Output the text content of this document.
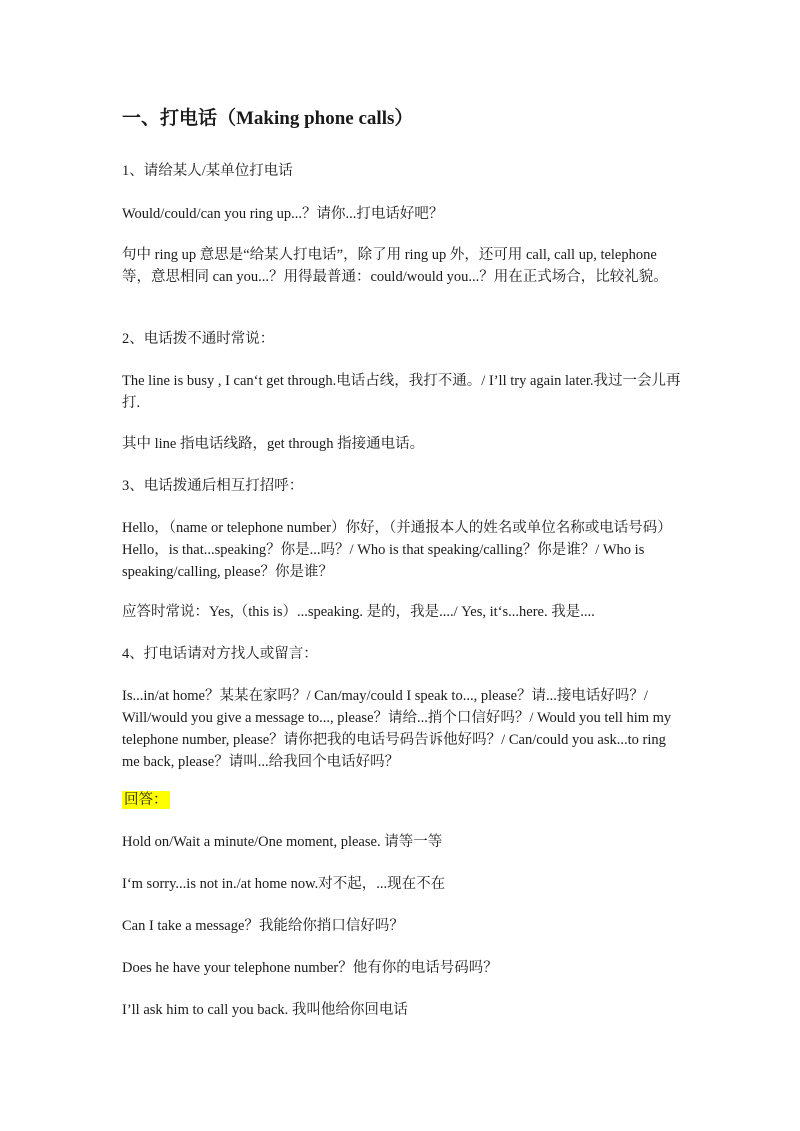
一、打电话（Making phone calls）
1、请给某人/某单位打电话
Would/could/can you ring up...？请你...打电话好吧？
句中 ring up 意思是“给某人打电话”，除了用 ring up 外，还可用 call, call up, telephone 等，意思相同 can you...？用得最普通：could/would you...？用在正式场合，比较礼貌。
2、电话拨不通时常说：
The line is busy , I can‘t get through.电话占线，我打不通。/ I’ll try again later.我过一会儿再打.
其中 line 指电话线路，get through 指接通电话。
3、电话拨通后相互打招呼：
Hello，（name or telephone number）你好，（并通报本人的姓名或单位名称或电话号码）Hello，is that...speaking？你是...吗？/ Who is that speaking/calling？你是谁？/ Who is speaking/calling, please？你是谁？
应答时常说：Yes,（this is）...speaking. 是的，我是..../ Yes, it‘s...here. 我是....
4、打电话请对方找人或留言：
Is...in/at home？某某在家吗？/ Can/may/could I speak to..., please？请...接电话好吗？/ Will/would you give a message to..., please？请给...捎个口信好吗？/ Would you tell him my telephone number, please？请你把我的电话号码告诉他好吗？/ Can/could you ask...to ring me back, please？请叫...给我回个电话好吗？
回答：
Hold on/Wait a minute/One moment, please. 请等一等
I‘m sorry...is not in./at home now.对不起，...现在不在
Can I take a message？我能给你捎口信好吗？
Does he have your telephone number？他有你的电话号码吗？
I’ll ask him to call you back. 我叫他给你回电话
